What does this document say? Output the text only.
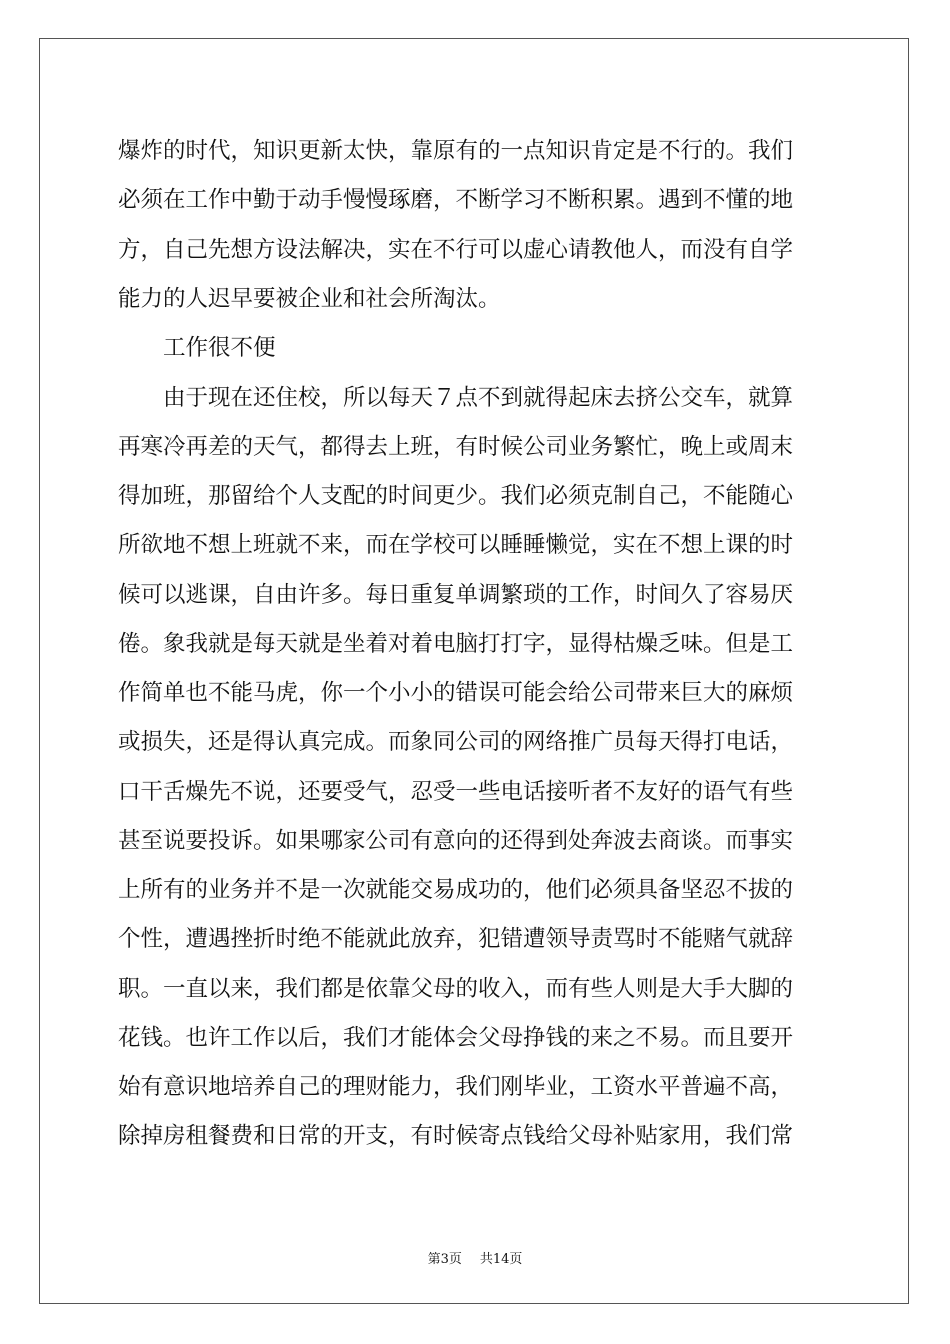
爆炸的时代，知识更新太快，靠原有的一点知识肯定是不行的。我们

必须在工作中勤于动手慢慢琢磨，不断学习不断积累。遇到不懂的地

方，自己先想方设法解决，实在不行可以虚心请教他人，而没有自学

能力的人迟早要被企业和社会所淘汰。

工作很不便

由于现在还住校，所以每天７点不到就得起床去挤公交车，就算

再寒冷再差的天气，都得去上班，有时候公司业务繁忙，晚上或周末

得加班，那留给个人支配的时间更少。我们必须克制自己，不能随心

所欲地不想上班就不来，而在学校可以睡睡懒觉，实在不想上课的时

候可以逃课，自由许多。每日重复单调繁琐的工作，时间久了容易厌

倦。象我就是每天就是坐着对着电脑打打字，显得枯燥乏味。但是工

作简单也不能马虎，你一个小小的错误可能会给公司带来巨大的麻烦

或损失，还是得认真完成。而象同公司的网络推广员每天得打电话，

口干舌燥先不说，还要受气，忍受一些电话接听者不友好的语气有些

甚至说要投诉。如果哪家公司有意向的还得到处奔波去商谈。而事实

上所有的业务并不是一次就能交易成功的，他们必须具备坚忍不拔的

个性，遭遇挫折时绝不能就此放弃，犯错遭领导责骂时不能赌气就辞

职。一直以来，我们都是依靠父母的收入，而有些人则是大手大脚的

花钱。也许工作以后，我们才能体会父母挣钱的来之不易。而且要开

始有意识地培养自己的理财能力，我们刚毕业，工资水平普遍不高，

除掉房租餐费和日常的开支，有时候寄点钱给父母补贴家用，我们常

第3页 共14页
